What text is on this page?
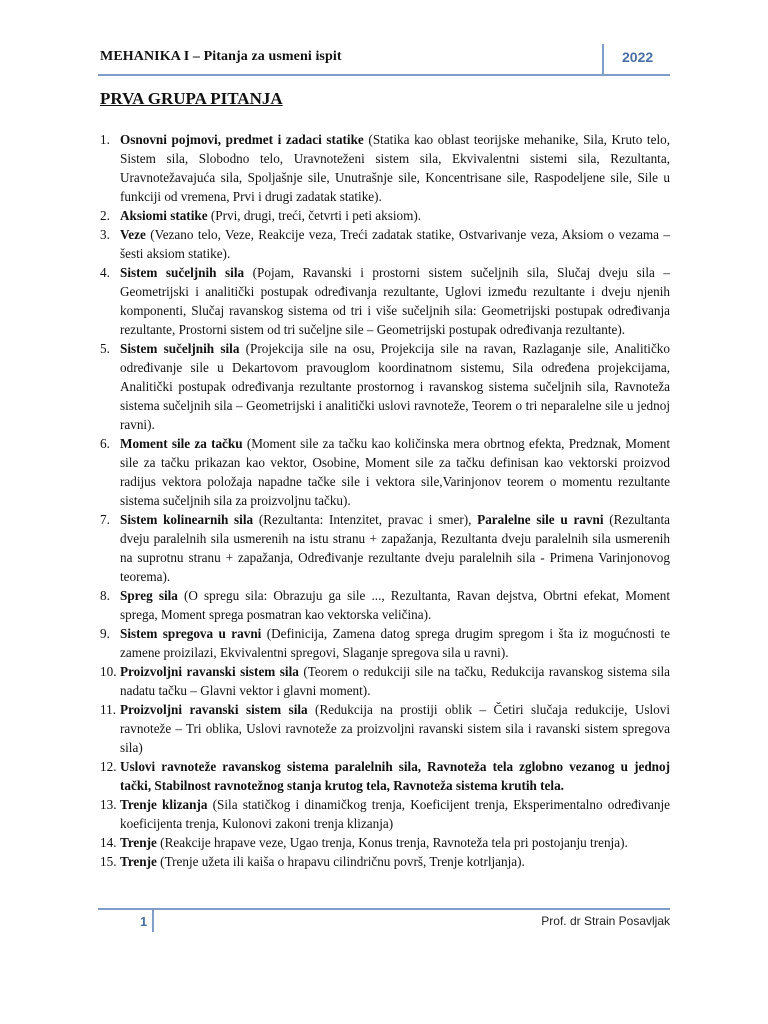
MEHANIKA I – Pitanja za usmeni ispit	2022
PRVA GRUPA PITANJA
1. Osnovni pojmovi, predmet i zadaci statike (Statika kao oblast teorijske mehanike, Sila, Kruto telo, Sistem sila, Slobodno telo, Uravnoteženi sistem sila, Ekvivalentni sistemi sila, Rezultanta, Uravnotežavajuća sila, Spoljašnje sile, Unutrašnje sile, Koncentrisane sile, Raspodeljene sile, Sile u funkciji od vremena, Prvi i drugi zadatak statike).
2. Aksiomi statike (Prvi, drugi, treći, četvrti i peti aksiom).
3. Veze (Vezano telo, Veze, Reakcije veza, Treći zadatak statike, Ostvarivanje veza, Aksiom o vezama – šesti aksiom statike).
4. Sistem sučeljnih sila (Pojam, Ravanski i prostorni sistem sučeljnih sila, Slučaj dveju sila – Geometrijski i analitički postupak određivanja rezultante, Uglovi između rezultante i dveju njenih komponenti, Slučaj ravanskog sistema od tri i više sučeljnih sila: Geometrijski postupak određivanja rezultante, Prostorni sistem od tri sučeljne sile – Geometrijski postupak određivanja rezultante).
5. Sistem sučeljnih sila (Projekcija sile na osu, Projekcija sile na ravan, Razlaganje sile, Analitičko određivanje sile u Dekartovom pravouglom koordinatnom sistemu, Sila određena projekcijama, Analitički postupak određivanja rezultante prostornog i ravanskog sistema sučeljnih sila, Ravnoteža sistema sučeljnih sila – Geometrijski i analitički uslovi ravnoteže, Teorem o tri neparalelne sile u jednoj ravni).
6. Moment sile za tačku (Moment sile za tačku kao količinska mera obrtnog efekta, Predznak, Moment sile za tačku prikazan kao vektor, Osobine, Moment sile za tačku definisan kao vektorski proizvod radijus vektora položaja napadne tačke sile i vektora sile,Varinjonov teorem o momentu rezultante sistema sučeljnih sila za proizvoljnu tačku).
7. Sistem kolinearnih sila (Rezultanta: Intenzitet, pravac i smer), Paralelne sile u ravni (Rezultanta dveju paralelnih sila usmerenih na istu stranu + zapažanja, Rezultanta dveju paralelnih sila usmerenih na suprotnu stranu + zapažanja, Određivanje rezultante dveju paralelnih sila - Primena Varinjonovog teorema).
8. Spreg sila (O spregu sila: Obrazuju ga sile ..., Rezultanta, Ravan dejstva, Obrtni efekat, Moment sprega, Moment sprega posmatran kao vektorska veličina).
9. Sistem spregova u ravni (Definicija, Zamena datog sprega drugim spregom i šta iz mogućnosti te zamene proizilazi, Ekvivalentni spregovi, Slaganje spregova sila u ravni).
10. Proizvoljni ravanski sistem sila (Teorem o redukciji sile na tačku, Redukcija ravanskog sistema sila nadatu tačku – Glavni vektor i glavni moment).
11. Proizvoljni ravanski sistem sila (Redukcija na prostiji oblik – Četiri slučaja redukcije, Uslovi ravnoteže – Tri oblika, Uslovi ravnoteže za proizvoljni ravanski sistem sila i ravanski sistem spregova sila)
12. Uslovi ravnoteže ravanskog sistema paralelnih sila, Ravnoteža tela zglobno vezanog u jednoj tački, Stabilnost ravnotežnog stanja krutog tela, Ravnoteža sistema krutih tela.
13. Trenje klizanja (Sila statičkog i dinamičkog trenja, Koeficijent trenja, Eksperimentalno određivanje koeficijenta trenja, Kulonovi zakoni trenja klizanja)
14. Trenje (Reakcije hrapave veze, Ugao trenja, Konus trenja, Ravnoteža tela pri postojanju trenja).
15. Trenje (Trenje užeta ili kaiša o hrapavu cilindričnu površ, Trenje kotrljanja).
1	Prof. dr Strain Posavljak
